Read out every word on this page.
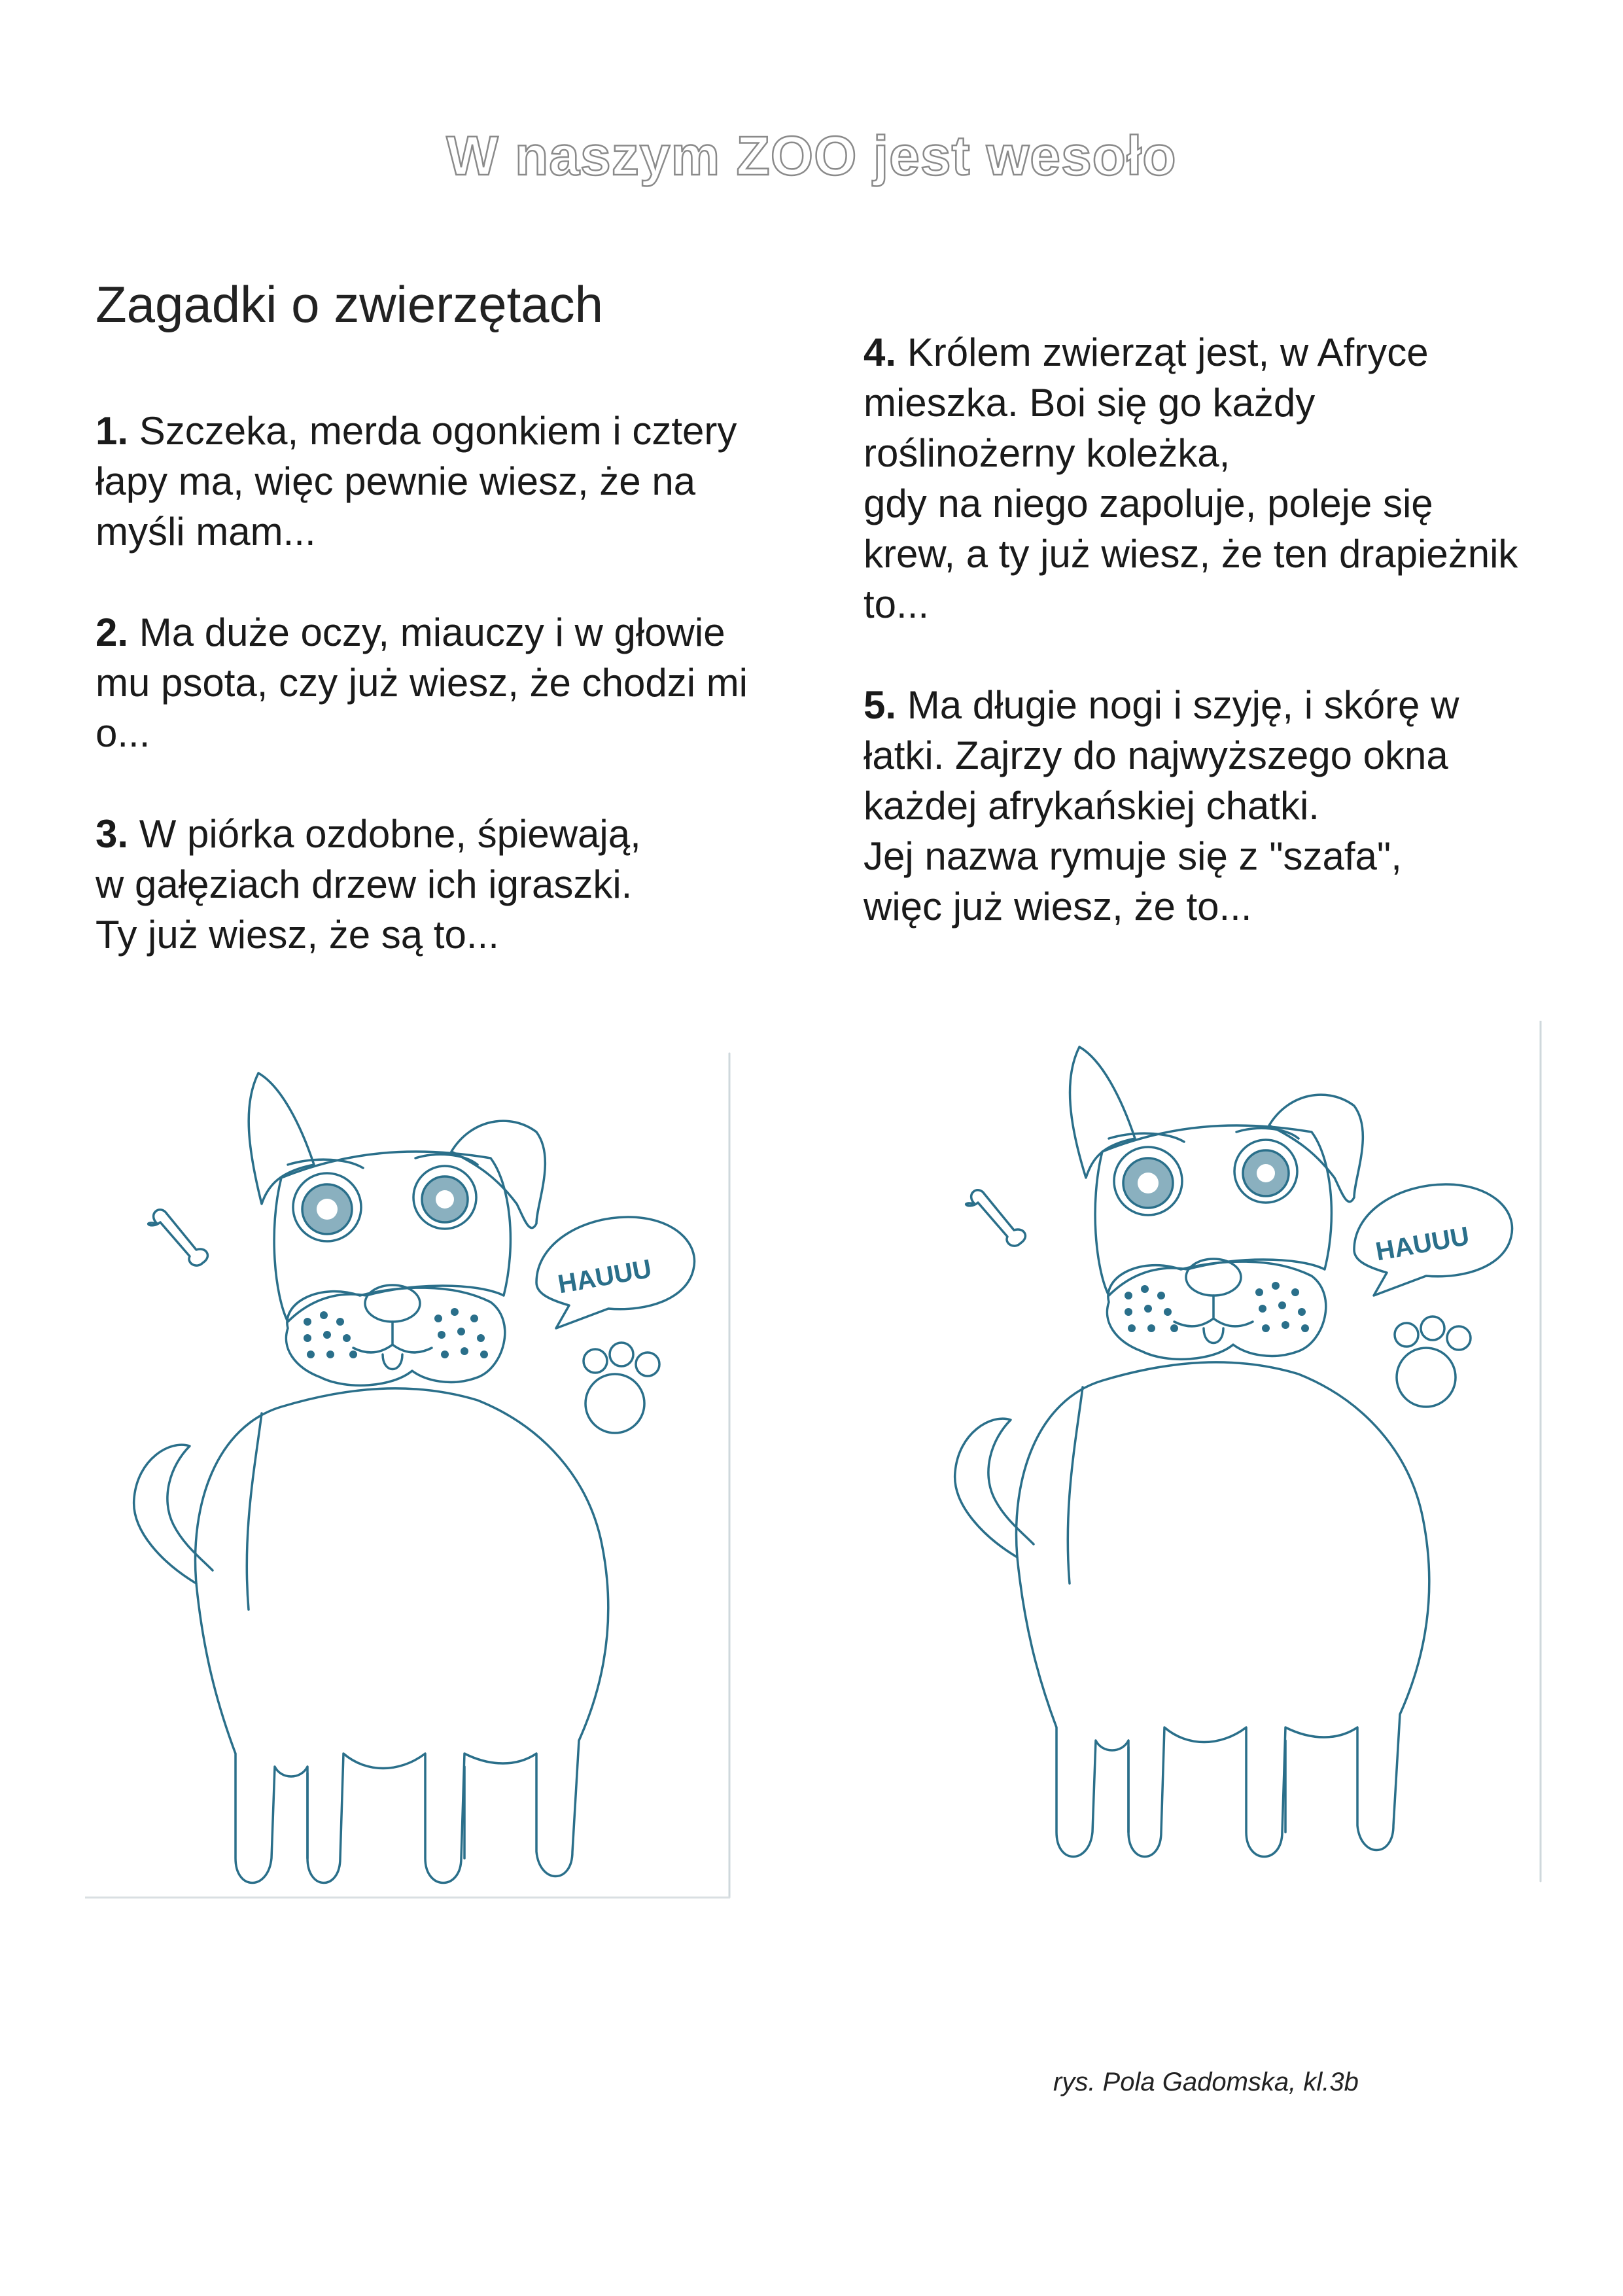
W naszym ZOO jest wesoło
Zagadki o zwierzętach
1. Szczeka, merda ogonkiem i cztery
łapy ma, więc pewnie wiesz, że na
myśli mam...
2. Ma duże oczy, miauczy i w głowie
mu psota, czy już wiesz, że chodzi mi
o...
3. W piórka ozdobne, śpiewają,
w gałęziach drzew ich igraszki.
Ty już wiesz, że są to...
4. Królem zwierząt jest, w Afryce
mieszka. Boi się go każdy
roślinożerny koleżka,
gdy na niego zapoluje, poleje się
krew, a ty już wiesz, że ten drapieżnik
to...
5. Ma długie nogi i szyję, i skórę w
łatki. Zajrzy do najwyższego okna
każdej afrykańskiej chatki.
Jej nazwa rymuje się z "szafa",
więc już wiesz, że to...
HAUUU
HAUUU
rys. Pola Gadomska, kl.3b
